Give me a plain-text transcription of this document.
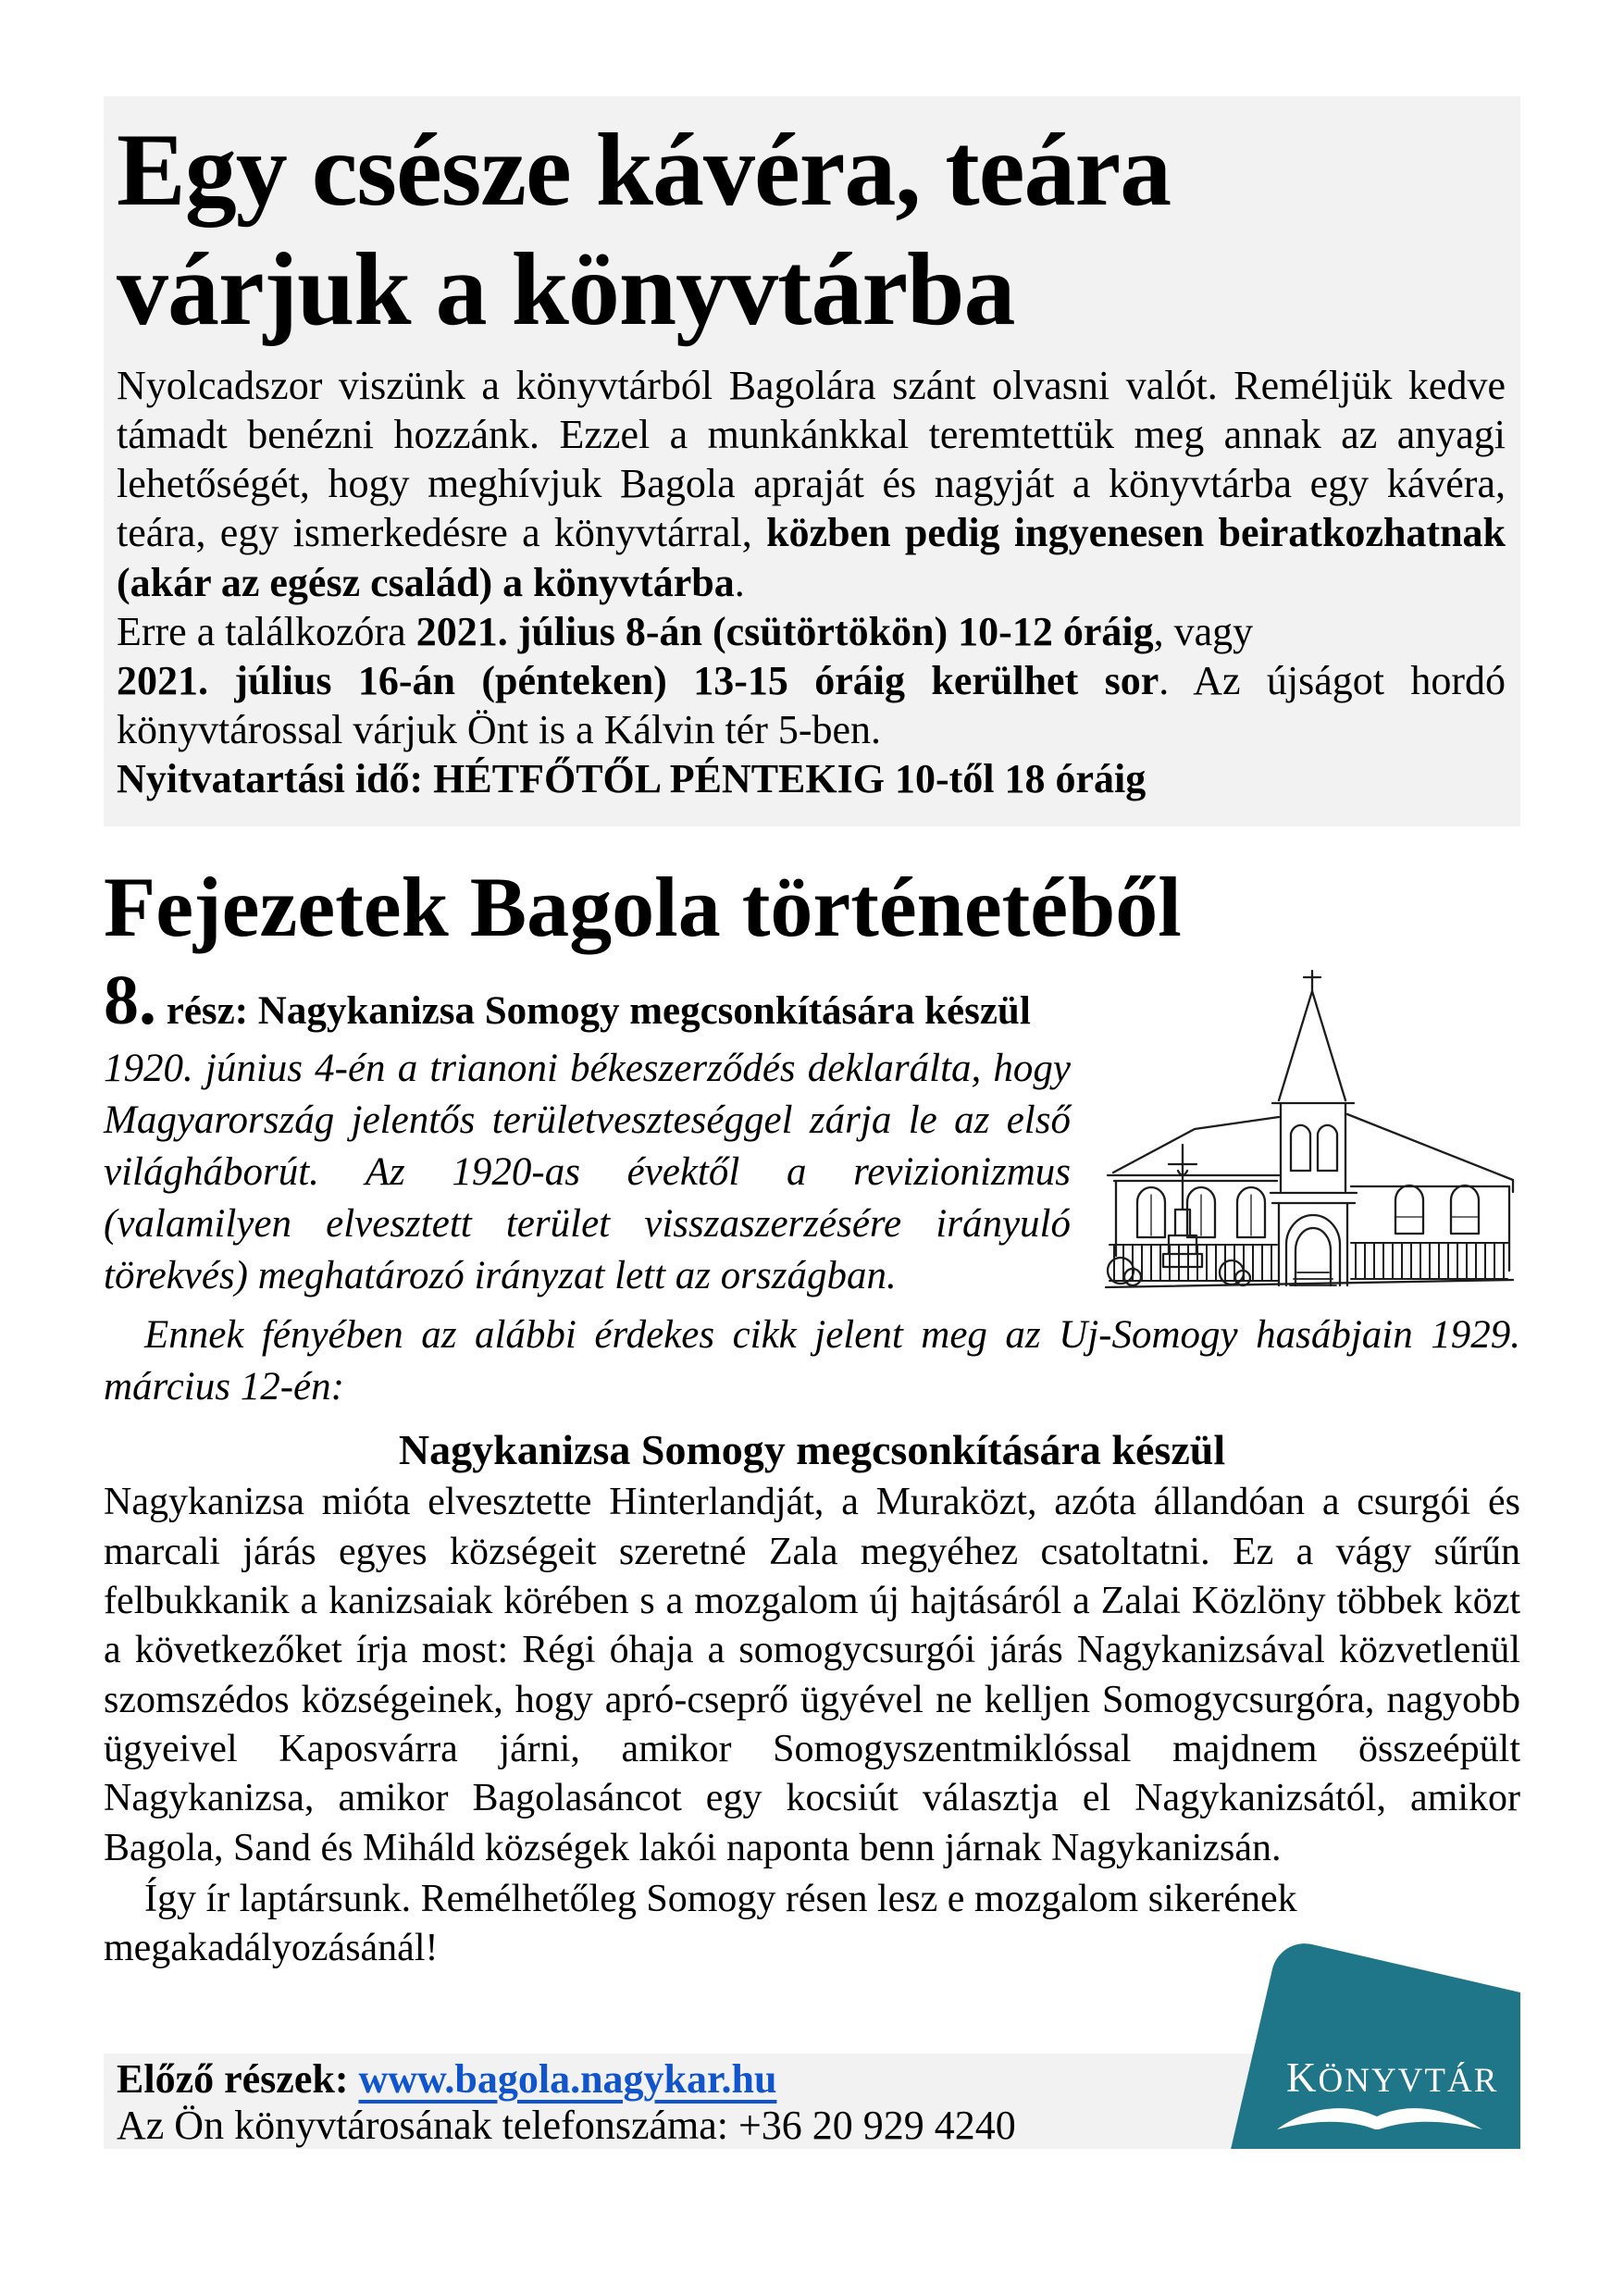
Egy csésze kávéra, teára
várjuk a könyvtárba

Nyolcadszor viszünk a könyvtárból Bagolára szánt olvasni valót. Reméljük kedve támadt benézni hozzánk. Ezzel a munkánkkal teremtettük meg annak az anyagi lehetőségét, hogy meghívjuk Bagola apraját és nagyját a könyvtárba egy kávéra, teára, egy ismerkedésre a könyvtárral, közben pedig ingyenesen beiratkozhatnak (akár az egész család) a könyvtárba.
Erre a találkozóra 2021. július 8-án (csütörtökön) 10-12 óráig, vagy
2021. július 16-án (pénteken) 13-15 óráig kerülhet sor. Az újságot hordó könyvtárossal várjuk Önt is a Kálvin tér 5-ben.
Nyitvatartási idő: HÉTFŐTŐL PÉNTEKIG 10-től 18 óráig

Fejezetek Bagola történetéből
8. rész: Nagykanizsa Somogy megcsonkítására készül

1920. június 4-én a trianoni békeszerződés deklarálta, hogy Magyarország jelentős területveszteséggel zárja le az első világháborút. Az 1920-as évektől a revizionizmus (valamilyen elvesztett terület visszaszerzésére irányuló törekvés) meghatározó irányzat lett az országban.

Ennek fényében az alábbi érdekes cikk jelent meg az Uj-Somogy hasábjain 1929. március 12-én:

Nagykanizsa Somogy megcsonkítására készül

Nagykanizsa mióta elvesztette Hinterlandját, a Muraközt, azóta állandóan a csurgói és marcali járás egyes községeit szeretné Zala megyéhez csatoltatni. Ez a vágy sűrűn felbukkanik a kanizsaiak körében s a mozgalom új hajtásáról a Zalai Közlöny többek közt a következőket írja most: Régi óhaja a somogycsurgói járás Nagykanizsával közvetlenül szomszédos községeinek, hogy apró-cseprő ügyével ne kelljen Somogycsurgóra, nagyobb ügyeivel Kaposvárra járni, amikor Somogyszentmiklóssal majdnem összeépült Nagykanizsa, amikor Bagolasáncot egy kocsiút választja el Nagykanizsától, amikor Bagola, Sand és Miháld községek lakói naponta benn járnak Nagykanizsán.

Így ír laptársunk. Remélhetőleg Somogy résen lesz e mozgalom sikerének megakadályozásánál!

Előző részek: www.bagola.nagykar.hu

Az Ön könyvtárosának telefonszáma: +36 20 929 4240

KÖNYVTÁR
